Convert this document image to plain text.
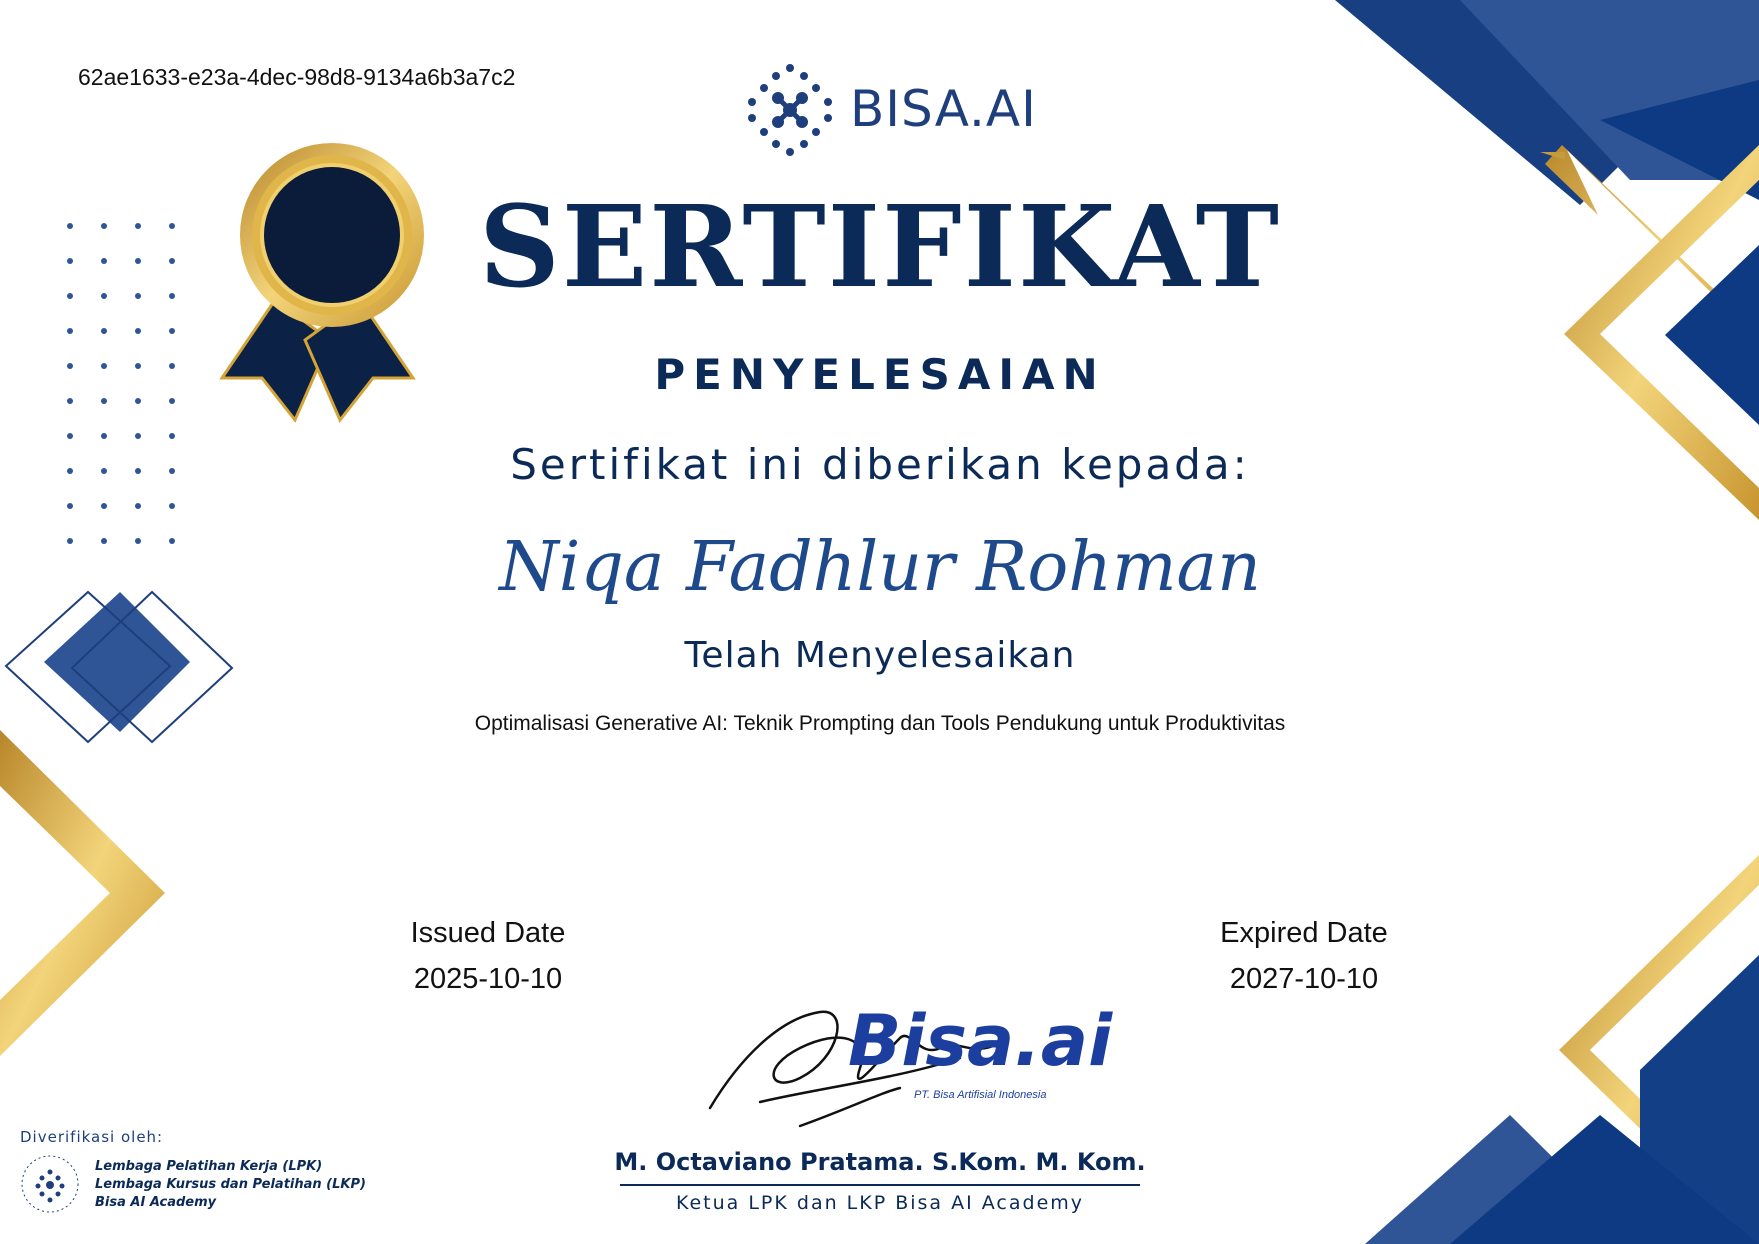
62ae1633-e23a-4dec-98d8-9134a6b3a7c2
BISA.AI
SERTIFIKAT
PENYELESAIAN
Sertifikat ini diberikan kepada:
Niqa Fadhlur Rohman
Telah Menyelesaikan
Optimalisasi Generative AI: Teknik Prompting dan Tools Pendukung untuk Produktivitas
Issued Date
2025-10-10
Expired Date
2027-10-10
Bisa.ai
PT. Bisa Artifisial Indonesia
M. Octaviano Pratama. S.Kom. M. Kom.
Ketua LPK dan LKP Bisa AI Academy
Diverifikasi oleh:
Lembaga Pelatihan Kerja (LPK)
Lembaga Kursus dan Pelatihan (LKP)
Bisa AI Academy
